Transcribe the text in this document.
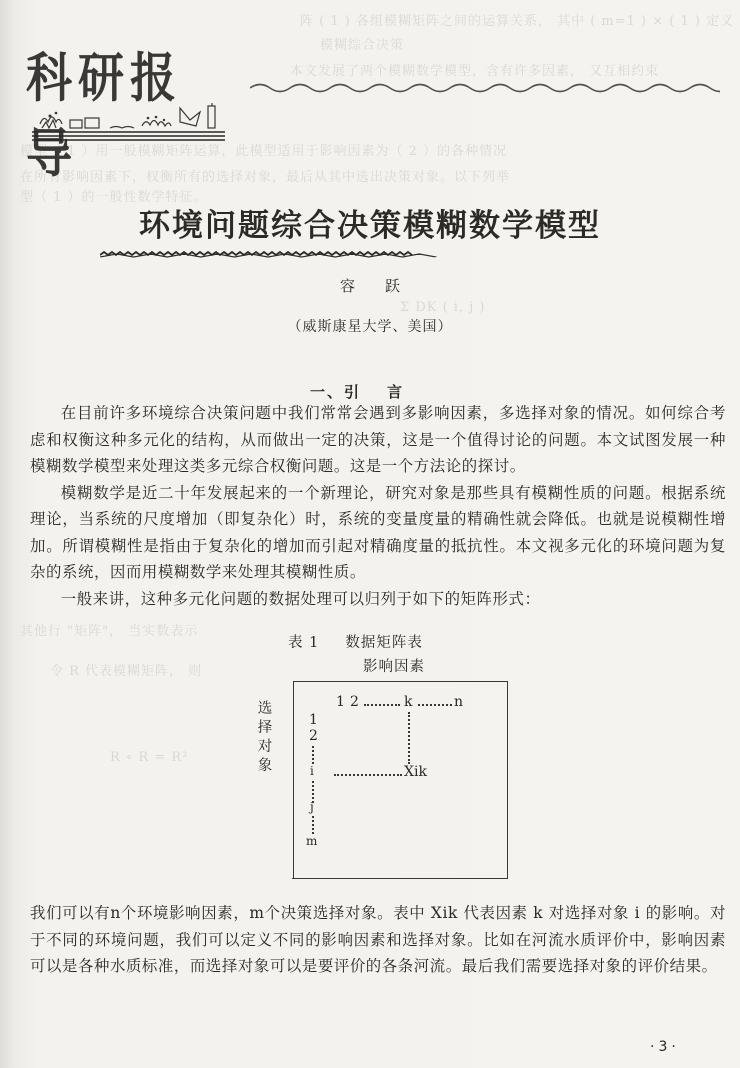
阵 ( 1 ) 各组模糊矩阵之间的运算关系， 其中 ( m=1 ) × ( 1 ) 定义
模糊综合决策
本文发展了两个模糊数学模型，含有许多因素， 又互相约束
模型（ 1 ）用一般模糊矩阵运算，此模型适用于影响因素为（ 2 ）的各种情况
在所有影响因素下，权衡所有的选择对象，最后从其中选出决策对象。以下列举
型（ 1 ）的一般性数学特征。
Σ DK ( i, j )
其他行 "矩阵"， 当实数表示
令 R 代表模糊矩阵， 则
R ∘ R = R²
科研报导
环境问题综合决策模糊数学模型
容跃
（威斯康星大学、美国）
一、引言

在目前许多环境综合决策问题中我们常常会遇到多影响因素，多选择对象的情况。如何综合考虑和权衡这种多元化的结构，从而做出一定的决策，这是一个值得讨论的问题。本文试图发展一种模糊数学模型来处理这类多元综合权衡问题。这是一个方法论的探讨。

模糊数学是近二十年发展起来的一个新理论，研究对象是那些具有模糊性质的问题。根据系统理论，当系统的尺度增加（即复杂化）时，系统的变量度量的精确性就会降低。也就是说模糊性增加。所谓模糊性是指由于复杂化的增加而引起对精确度量的抵抗性。本文视多元化的环境问题为复杂的系统，因而用模糊数学来处理其模糊性质。

一般来讲，这种多元化问题的数据处理可以归列于如下的矩阵形式：

表 1 数据矩阵表
影响因素
选
择
对
象
1 2	k	n
1
2
i
j
m
Xik

我们可以有n个环境影响因素，m个决策选择对象。表中 Xik 代表因素 k 对选择对象 i 的影响。对于不同的环境问题，我们可以定义不同的影响因素和选择对象。比如在河流水质评价中，影响因素可以是各种水质标准，而选择对象可以是要评价的各条河流。最后我们需要选择对象的评价结果。

·3·
